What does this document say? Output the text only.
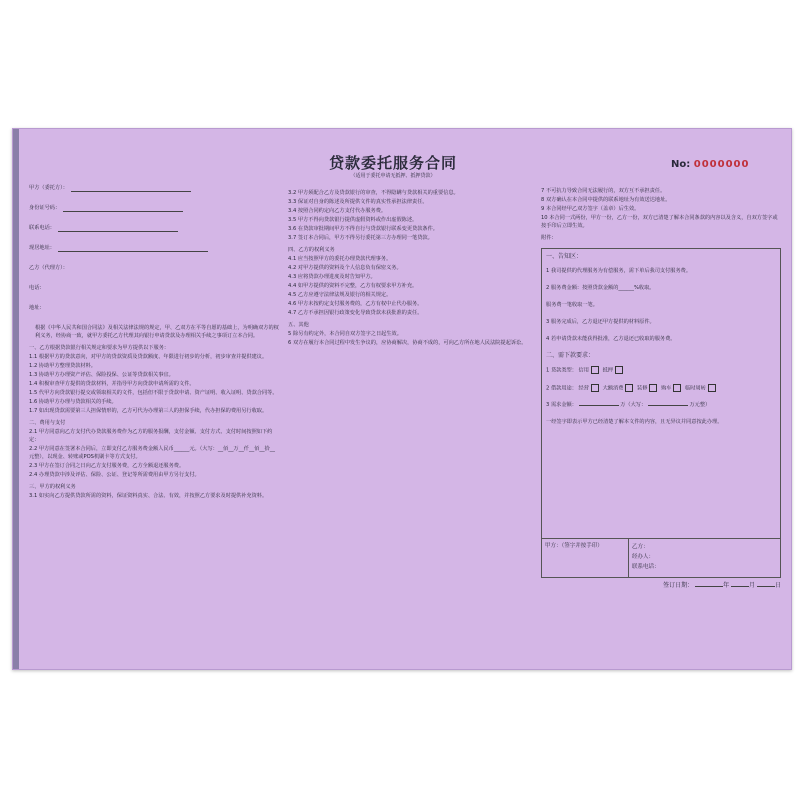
贷款委托服务合同
（适用于委托申请无抵押、抵押贷款）
No: 0000000
甲方（委托方）：
身份证号码：
联系电话：
现居地址：
乙方（代理方）：
电话：
地址：

根据《中华人民共和国合同法》及相关法律法规的规定，甲、乙双方在平等自愿的基础上，为明确双方的权利义务，经协商一致，就甲方委托乙方代理其向银行申请贷款及办理相关手续之事项订立本合同。

一、乙方根据贷款银行相关规定和要求为甲方提供以下服务：

1.1 根据甲方的贷款意向，对甲方的贷款资质及贷款额度、年限进行初步的分析，初步审查并提供建议。

1.2 协助甲方整理贷款材料。

1.3 协助甲方办理资产评估、保险投保、公证等贷款相关事宜。

1.4 积极审查甲方提供的贷款材料，并指导甲方向贷款申请所需的文件。

1.5 代甲方向贷款银行提交或领取相关的文件，包括但不限于贷款申请、资产证明、收入证明、贷款合同等。

1.6 协助甲方办理与贷款相关的手续。

1.7 如出现贷款需要第三人担保情形的，乙方可代为办理第三人的担保手续，代办担保的费用另行收取。

二、费用与支付

2.1 甲方同意向乙方支付代办贷款服务费作为乙方的服务报酬，支付金额、支付方式、支付时间按照如下约定：

2.2 甲方同意在签署本合同后，立即支付乙方服务费金额人民币______元。（大写：__佰__万__仟__佰__拾__元整），以现金、转账或POS机刷卡等方式支付。

2.3 甲方在签订合同之日向乙方支付服务费，乙方全额退还服务费。

2.4 办理贷款中涉及评估、保险、公证、登记等所需费用由甲方另行支付。

三、甲方的权利义务

3.1 如实向乙方提供贷款所需的资料，保证资料真实、合法、有效，并按照乙方要求及时提供补充资料。

3.2 甲方须配合乙方及贷款银行的审查，不得隐瞒与贷款相关的重要信息。

3.3 保证对自身的陈述及所提供文件的真实性承担法律责任。

3.4 按照合同约定向乙方支付代办服务费。

3.5 甲方不得向贷款银行提供虚假资料或作出虚假陈述。

3.6 在贷款审批期间甲方不得自行与贷款银行联系变更贷款条件。

3.7 签订本合同后，甲方不得另行委托第三方办理同一笔贷款。

四、乙方的权利义务

4.1 应当按照甲方的委托办理贷款代理事务。

4.2 对甲方提供的资料及个人信息负有保密义务。

4.3 应将贷款办理进度及时告知甲方。

4.4 如甲方提供的资料不完整，乙方有权要求甲方补充。

4.5 乙方应遵守法律法规及银行的相关规定。

4.6 甲方未按约定支付服务费的，乙方有权中止代办服务。

4.7 乙方不承担因银行政策变化导致贷款未获批准的责任。

五、其他

5 除另有约定外，本合同自双方签字之日起生效。

6 双方在履行本合同过程中发生争议的，应协商解决，协商不成的，可向乙方所在地人民法院提起诉讼。

7 不可抗力导致合同无法履行的，双方互不承担责任。

8 双方确认在本合同中提供的联系地址为有效送达地址。

9 本合同经甲乙双方签字（盖章）后生效。

10 本合同一式两份，甲方一份，乙方一份，双方已清楚了解本合同条款的内容以及含义，自双方签字或按手印后立即生效。

附件：

一、告知区：
1 我司提供的代理服务为有偿服务，需下单后我司支付服务费。
2 服务费金额：按照贷款金额的______%收取。
服务费一笔收取一笔。
3 服务完成后，乙方退还甲方提供的材料原件。
4 若申请贷款未能获得批准，乙方退还已收取的服务费。
二、需下款要求：
1 贷款类型： 信用	抵押
2 借款用途： 经营	大额消费	装修	购车	临时周转
3 需求金额：	万（大写：	万元整）
一经签字即表示甲方已经清楚了解本文件的内容，且无异议并同意按此办理。
甲方：（签字并按手印）	乙方：
经办人：
联系电话：
签订日期：	年	月	日
